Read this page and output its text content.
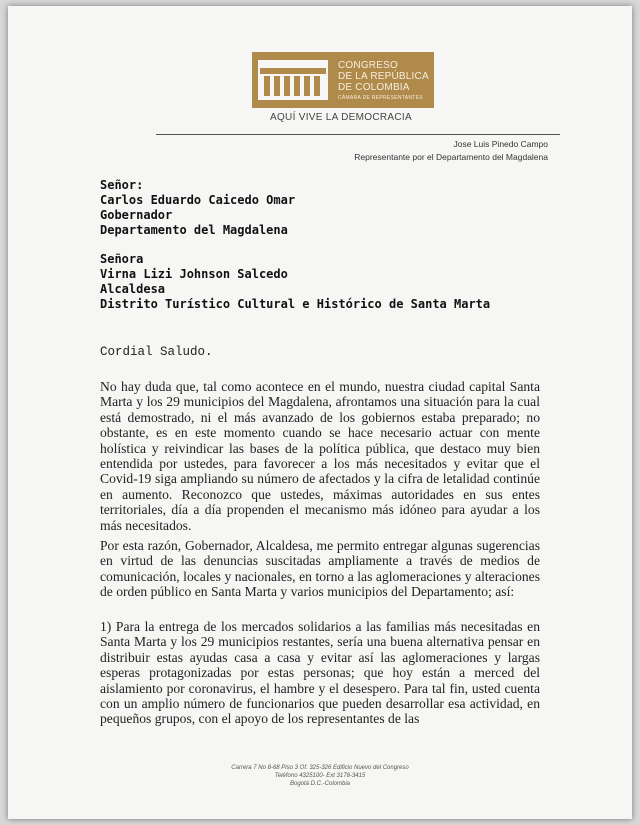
CONGRESO
DE LA REPÚBLICA
DE COLOMBIA
CÁMARA DE REPRESENTANTES
AQUÍ VIVE LA DEMOCRACIA
Jose Luis Pinedo Campo
Representante por el Departamento del Magdalena
Señor:
Carlos Eduardo Caicedo Omar
Gobernador
Departamento del Magdalena
Señora
Virna Lizi Johnson Salcedo
Alcaldesa
Distrito Turístico Cultural e Histórico de Santa Marta
Cordial Saludo.

No hay duda que, tal como acontece en el mundo, nuestra ciudad capital Santa Marta y los 29 municipios del Magdalena, afrontamos una situación para la cual está demostrado, ni el más avanzado de los gobiernos estaba preparado; no obstante, es en este momento cuando se hace necesario actuar con mente holística y reivindicar las bases de la política pública, que destaco muy bien entendida por ustedes, para favorecer a los más necesitados y evitar que el Covid-19 siga ampliando su número de afectados y la cifra de letalidad continúe en aumento. Reconozco que ustedes, máximas autoridades en sus entes territoriales, día a día propenden el mecanismo más idóneo para ayudar a los más necesitados.

Por esta razón, Gobernador, Alcaldesa, me permito entregar algunas sugerencias en virtud de las denuncias suscitadas ampliamente a través de medios de comunicación, locales y nacionales, en torno a las aglomeraciones y alteraciones de orden público en Santa Marta y varios municipios del Departamento; así:

1) Para la entrega de los mercados solidarios a las familias más necesitadas en Santa Marta y los 29 municipios restantes, sería una buena alternativa pensar en distribuir estas ayudas casa a casa y evitar así las aglomeraciones y largas esperas protagonizadas por estas personas; que hoy están a merced del aislamiento por coronavirus, el hambre y el desespero. Para tal fin, usted cuenta con un amplio número de funcionarios que pueden desarrollar esa actividad, en pequeños grupos, con el apoyo de los representantes de las

Carrera 7 No 8-68 Piso 3 Of. 325-326 Edificio Nuevo del Congreso
Teléfono 4325100- Ext 3178-3415
Bogotá D.C.-Colombia
